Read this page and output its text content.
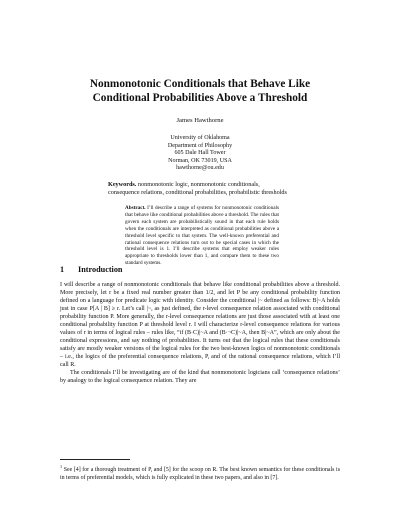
Nonmonotonic Conditionals that Behave Like
Conditional Probabilities Above a Threshold
James Hawthorne
University of Oklahoma
Department of Philosophy
605 Dale Hall Tower
Norman, OK 73019, USA
hawthorne@ou.edu
Keywords. nonmonotonic logic, nonmonotonic conditionals, consequence relations, conditional probabilities, probabilistic thresholds
Abstract. I’ll describe a range of systems for nonmonotonic conditionals that behave like conditional probabilities above a threshold. The rules that govern each system are probabilistically sound in that each rule holds when the conditionals are interpreted as conditional probabilities above a threshold level specific to that system. The well-known preferential and rational consequence relations turn out to be special cases in which the threshold level is 1. I’ll describe systems that employ weaker rules appropriate to thresholds lower than 1, and compare them to these two standard systems.
1 Introduction

I will describe a range of nonmonotonic conditionals that behave like conditional probabilities above a threshold. More precisely, let r be a fixed real number greater than 1/2, and let P be any conditional probability function defined on a language for predicate logic with identity. Consider the conditional |~ defined as follows: B|~A holds just in case P[A | B] ≥ r. Let’s call |~, as just defined, the r-level consequence relation associated with conditional probability function P. More generally, the r-level consequence relations are just those associated with at least one conditional probability function P at threshold level r. I will characterize r-level consequence relations for various values of r in terms of logical rules – rules like, “if (B·C)|~A and (B·¬C)|~A, then B|~A”, which are only about the conditional expressions, and say nothing of probabilities. It turns out that the logical rules that these conditionals satisfy are mostly weaker versions of the logical rules for the two best-known logics of nonmonotonic conditionals – i.e., the logics of the preferential consequence relations, P, and of the rational consequence relations, which I’ll call R.

The conditionals I’ll be investigating are of the kind that nonmonotonic logicians call ‘consequence relations’ by analogy to the logical consequence relation. They are

$^1$ See [4] for a thorough treatment of P, and [5] for the scoop on R. The best known semantics for these conditionals is in terms of preferential models, which is fully explicated in these two papers, and also in [7].
